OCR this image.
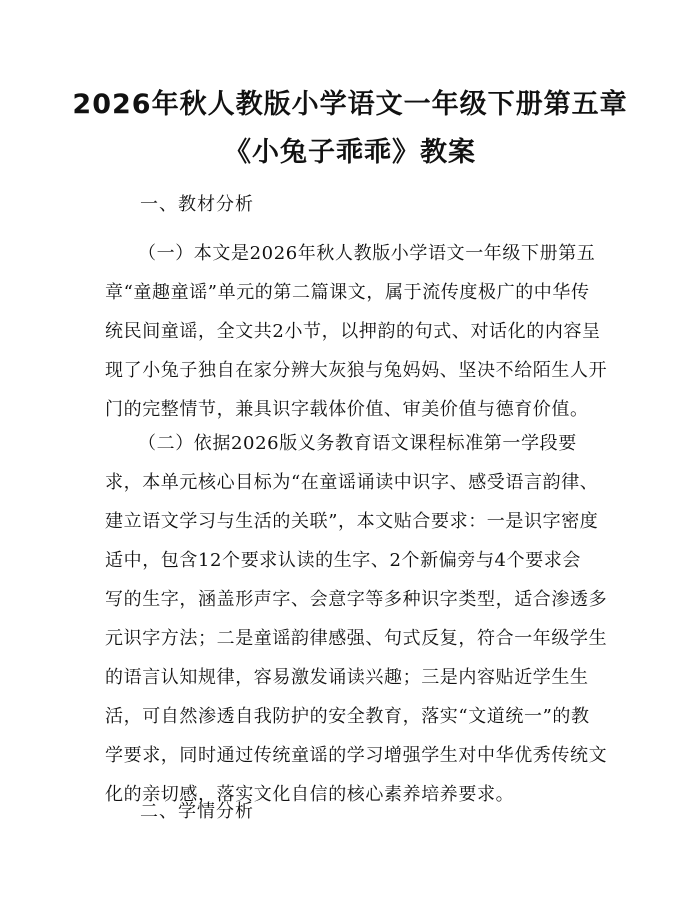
2026年秋人教版小学语文一年级下册第五章
《小兔子乖乖》教案
一、教材分析
（一）本文是2026年秋人教版小学语文一年级下册第五
章“童趣童谣”单元的第二篇课文，属于流传度极广的中华传
统民间童谣，全文共2小节，以押韵的句式、对话化的内容呈
现了小兔子独自在家分辨大灰狼与兔妈妈、坚决不给陌生人开
门的完整情节，兼具识字载体价值、审美价值与德育价值。
（二）依据2026版义务教育语文课程标准第一学段要
求，本单元核心目标为“在童谣诵读中识字、感受语言韵律、
建立语文学习与生活的关联”，本文贴合要求：一是识字密度
适中，包含12个要求认读的生字、2个新偏旁与4个要求会
写的生字，涵盖形声字、会意字等多种识字类型，适合渗透多
元识字方法；二是童谣韵律感强、句式反复，符合一年级学生
的语言认知规律，容易激发诵读兴趣；三是内容贴近学生生
活，可自然渗透自我防护的安全教育，落实“文道统一”的教
学要求，同时通过传统童谣的学习增强学生对中华优秀传统文
化的亲切感，落实文化自信的核心素养培养要求。
二、学情分析
